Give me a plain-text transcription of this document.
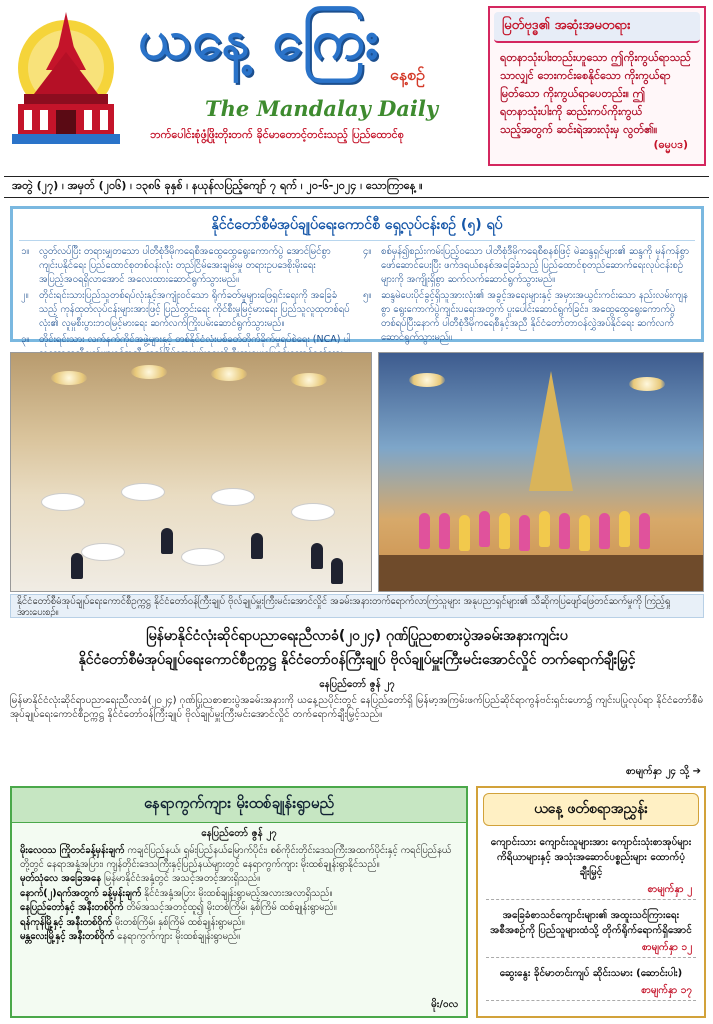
ယနေ့ ကြေး
နေ့စဉ်
The Mandalay Daily
ဘက်ပေါင်းစုံဖွံ့ဖြိုးတိုးတက် ခိုင်မာတောင့်တင်းသည့် ပြည်ထောင်စု
မြတ်ဗုဒ္ဓ၏ အဆုံးအမတရား
ရတနာသုံးပါးတည်းဟူသော ဤကိုးကွယ်ရာသည်သာလျှင် ဘေးကင်းစေနိုင်သော ကိုးကွယ်ရာ မြတ်သော ကိုးကွယ်ရာပေတည်း။ ဤရတနာသုံးပါးကို ဆည်းကပ်ကိုးကွယ်သည့်အတွက် ဆင်းရဲအားလုံးမှ လွတ်၏။
(ဓမ္မပဒ)
အတွဲ (၂၇) ၊ အမှတ် (၂၀၆) ၊ ၁၃၈၆ ခုနှစ် ၊ နယုန်လပြည့်ကျော် ၇ ရက် ၊ ၂၀-၆-၂၀၂၄ ၊ သောကြာနေ့ ။
နိုင်ငံတော်စီမံအုပ်ချုပ်ရေးကောင်စီ ရှေ့လုပ်ငန်းစဉ် (၅) ရပ်
၁။	လွတ်လပ်ပြီး တရားမျှတသော ပါတီစုံဒီမိုကရေစီအထွေထွေရွေးကောက်ပွဲ အောင်မြင်စွာ ကျင်းပနိုင်ရေး ပြည်ထောင်စုတစ်ဝန်းလုံး တည်ငြိမ်အေးချမ်းမှု တရားဥပဒေစိုးမိုးရေး အပြည့်အဝရရှိလာအောင် အလေးထားဆောင်ရွက်သွားမည်။
၂။	တိုင်းရင်းသားပြည်သူတစ်ရပ်လုံးနှင့်အကျုံးဝင်သော ရိုက်ခတ်မှုများဖြေရှင်းရေးကို အခြေခံသည့် ကုန်ထုတ်လုပ်ငန်းများအားဖြင့် ပြည်တွင်းရေး ကိုင်စီးမှုမြင့်မားရေး ပြည်သူလူထုတစ်ရပ်လုံး၏ လူမှုစီးပွားဘဝမြင့်မားရေး ဆက်လက်ကြိုးပမ်းဆောင်ရွက်သွားမည်။
၃။	တိုင်းရင်းသား လက်နက်ကိုင်အဖွဲ့များနှင့် တစ်နိုင်ငံလုံးပစ်ခတ်တိုက်ခိုက်မှုရပ်စဲရေး (NCA) ပါ
၄။	စစ်မှန်၍စည်းကမ်းပြည့်ဝသော ပါတီစုံဒီမိုကရေစီစနစ်ဖြင့် မဲဆန္ဒရှင်များ၏ ဆန္ဒကို မှန်ကန်စွာ ဖော်ဆောင်ပေးပြီး ဖက်ဒရယ်စနစ်အခြေခံသည့် ပြည်ထောင်စုတည်ဆောက်ရေးလုပ်ငန်းစဉ်များကို အကျိုးရှိစွာ ဆက်လက်ဆောင်ရွက်သွားမည်။
၅။	ဆန္ဒမဲပေးပိုင်ခွင့်ရှိသူအားလုံး၏ အခွင့်အရေးများနှင့် အမှားအယွင်းကင်းသော နည်းလမ်းကျနစွာ ရွေးကောက်ပွဲကျင်းပရေးအတွက် ပူးပေါင်းဆောင်ရွက်ခြင်း၊ အထွေထွေရွေးကောက်ပွဲတစ်ရပ်ပြီးနောက် ပါတီစုံဒီမိုကရေစီနှင့်အညီ နိုင်ငံတော်တာဝန်လွှဲအပ်နိုင်ရေး ဆက်လက်ဆောင်ရွက်သွားမည်။
နိုင်ငံတော်စီမံအုပ်ချုပ်ရေးကောင်စီဥက္ကဋ္ဌ နိုင်ငံတော်ဝန်ကြီးချုပ် ဗိုလ်ချုပ်မှူးကြီးမင်းအောင်လှိုင် အခမ်းအနားတက်ရောက်လာကြသူများ အနုပညာရှင်များ၏ သီဆိုကပြဖျော်ဖြေတင်ဆက်မှုကို ကြည့်ရှုအားပေးစဉ်။
မြန်မာနိုင်ငံလုံးဆိုင်ရာပညာရေးညီလာခံ(၂၀၂၄) ဂုဏ်ပြုညစာစားပွဲအခမ်းအနားကျင်းပ
နိုင်ငံတော်စီမံအုပ်ချုပ်ရေးကောင်စီဥက္ကဋ္ဌ နိုင်ငံတော်ဝန်ကြီးချုပ် ဗိုလ်ချုပ်မှူးကြီးမင်းအောင်လှိုင် တက်ရောက်ချီးမြှင့်
နေပြည်တော် ဇွန် ၂၇
မြန်မာနိုင်ငံလုံးဆိုင်ရာပညာရေးညီလာခံ(၂၀၂၄) ဂုဏ်ပြုညစာစားပွဲအခမ်းအနားကို ယနေ့ညပိုင်းတွင် နေပြည်တော်ရှိ မြန်မာ့အကြမ်းဖက်ပြည်ဆိုင်ရာကွန်ဗင်းရှင်းဟော၌ ကျင်းပပြုလုပ်ရာ နိုင်ငံတော်စီမံအုပ်ချုပ်ရေးကောင်စီဥက္ကဋ္ဌ နိုင်ငံတော်ဝန်ကြီးချုပ် ဗိုလ်ချုပ်မှူးကြီးမင်းအောင်လှိုင် တက်ရောက်ချီးမြှင့်သည်။
စာမျက်နှာ ၂၄ သို့ ➔
နေရာကွက်ကျား မိုးထစ်ချုန်းရွာမည်
နေပြည်တော် ဇွန် ၂၇

မိုးလေဝသ ကြိုတင်ခန့်မှန်းချက် ကချင်ပြည်နယ်၊ ရှမ်းပြည်နယ်မြောက်ပိုင်း၊ စစ်ကိုင်းတိုင်းဒေသကြီးအထက်ပိုင်းနှင့် ကရင်ပြည်နယ်တို့တွင် နေရာအနှံ့အပြား၊ ကျန်တိုင်းဒေသကြီးနှင့်ပြည်နယ်များတွင် နေရာကွက်ကျား မိုးထစ်ချုန်းရွာနိုင်သည်။

မုတ်သုံလေ အခြေအနေ မြန်မာနိုင်ငံအနှံ့တွင် အသင့်အတင့်အားရှိသည်။

နောက်(၂)ရက်အတွက် ခန့်မှန်းချက် နိုင်ငံအနှံ့အပြား မိုးထစ်ချုန်းရွာမည့်အလားအလာရှိသည်။

နေပြည်တော်နှင့် အနီးတစ်ဝိုက် တိမ်အသင့်အတင့်ထူ၍ မိုးတစ်ကြိမ်၊ နှစ်ကြိမ် ထစ်ချုန်းရွာမည်။

ရန်ကုန်မြို့နှင့် အနီးတစ်ဝိုက် မိုးတစ်ကြိမ်၊ နှစ်ကြိမ် ထစ်ချုန်းရွာမည်။

မန္တလေးမြို့နှင့် အနီးတစ်ဝိုက် နေရာကွက်ကျား မိုးထစ်ချုန်းရွာမည်။

မိုး/၀လ
ယနေ့ ဖတ်စရာအညွှန်း
ကျောင်းသား ကျောင်းသူများအား ကျောင်းသုံးစာအုပ်များ ကိရိယာများနှင့် အသုံးအဆောင်ပစ္စည်းများ ထောက်ပံ့ချီးမြှင့်
စာမျက်နှာ ၂
အခြေခံစာသင်ကျောင်းများ၏ အထူးသင်ကြားရေးအစီအစဉ်ကို ပြည်သူများထံသို့ တိုက်ရိုက်ရောက်ရှိအောင်
စာမျက်နှာ ၁၂
ဆွေးနွေး ခိုင်မာတင်းကျပ် ဆိုင်းသမား (ဆောင်းပါး)
စာမျက်နှာ ၁၇
